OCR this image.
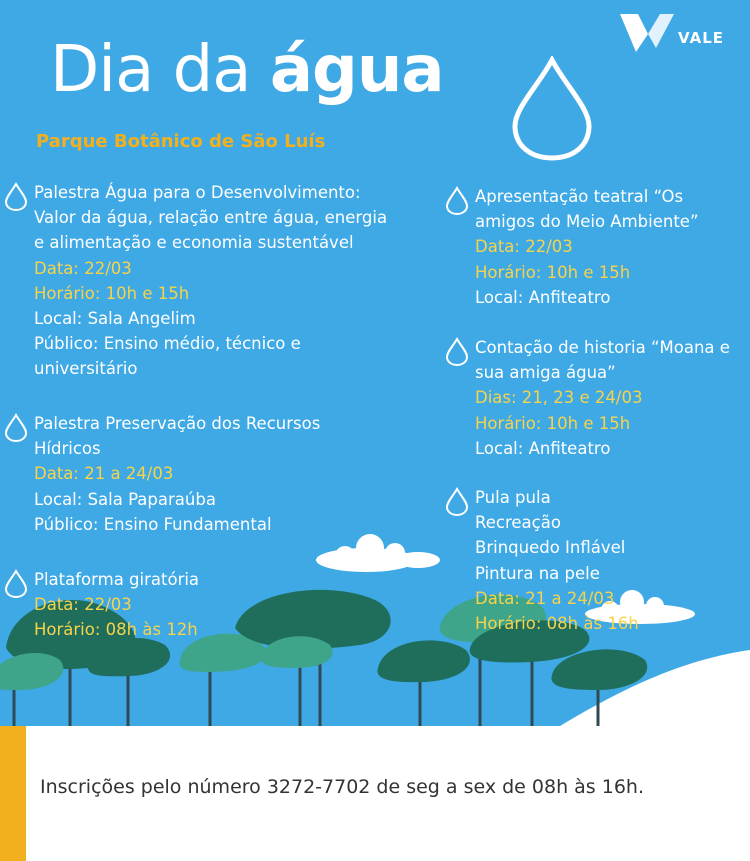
VALE
Dia da água

Parque Botânico de São Luís

Palestra Água para o Desenvolvimento:
Valor da água, relação entre água, energia
e alimentação e economia sustentável
Data: 22/03
Horário: 10h e 15h
Local: Sala Angelim
Público: Ensino médio, técnico e
universitário
Palestra Preservação dos Recursos
Hídricos
Data: 21 a 24/03
Local: Sala Paparaúba
Público: Ensino Fundamental
Plataforma giratória
Data: 22/03
Horário: 08h às 12h
Apresentação teatral “Os
amigos do Meio Ambiente”
Data: 22/03
Horário: 10h e 15h
Local: Anfiteatro
Contação de historia “Moana e
sua amiga água”
Dias: 21, 23 e 24/03
Horário: 10h e 15h
Local: Anfiteatro
Pula pula
Recreação
Brinquedo Inflável
Pintura na pele
Data: 21 a 24/03
Horário: 08h às 16h
Inscrições pelo número 3272-7702 de seg a sex de 08h às 16h.
